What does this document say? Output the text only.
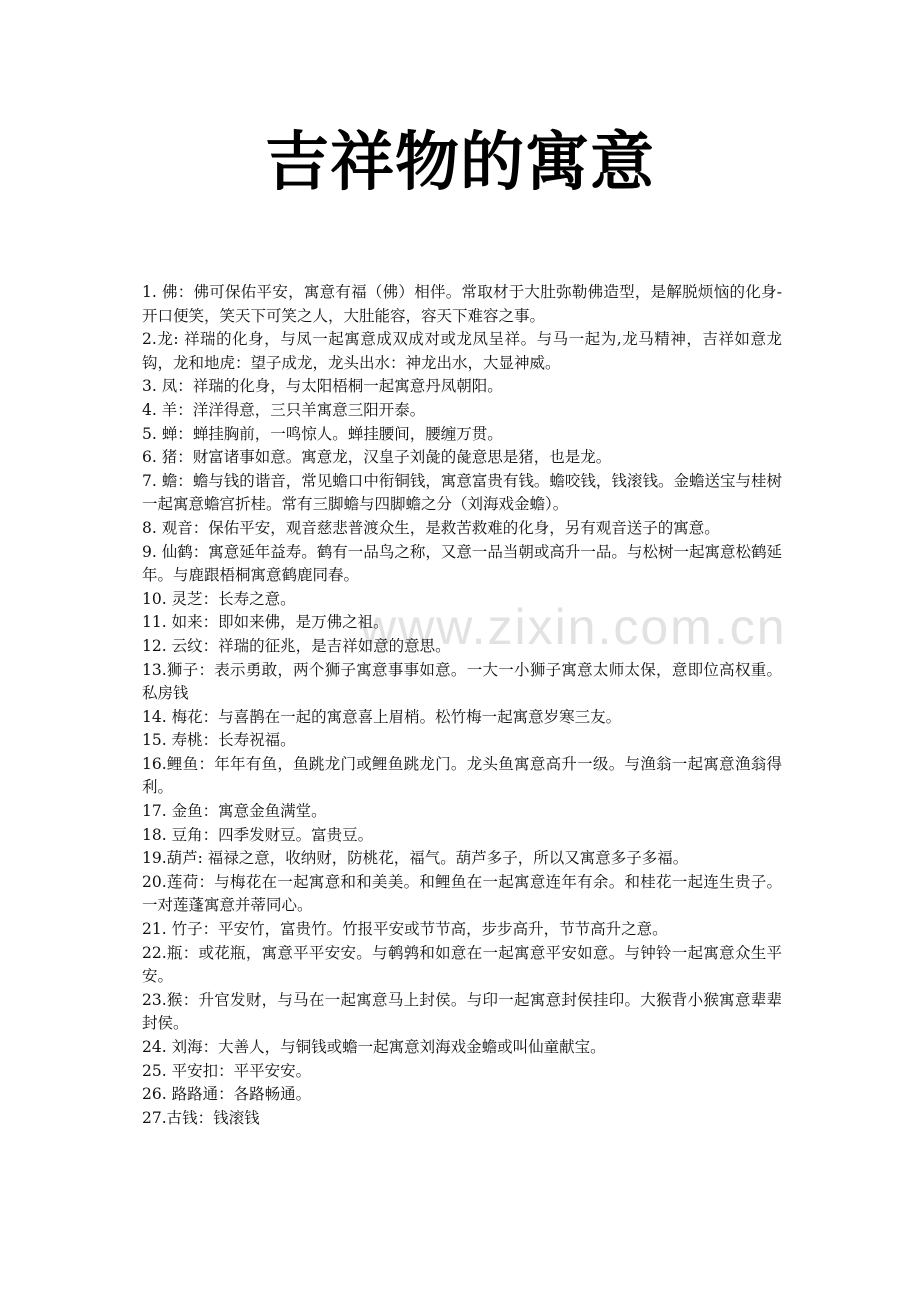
www.zixin.com.cn
吉祥物的寓意

1. 佛：佛可保佑平安，寓意有福（佛）相伴。常取材于大肚弥勒佛造型，是解脱烦恼的化身-开口便笑，笑天下可笑之人，大肚能容，容天下难容之事。

2.龙: 祥瑞的化身，与凤一起寓意成双成对或龙凤呈祥。与马一起为,龙马精神，吉祥如意龙钩，龙和地虎：望子成龙，龙头出水：神龙出水，大显神威。

3. 凤：祥瑞的化身，与太阳梧桐一起寓意丹凤朝阳。

4. 羊：洋洋得意，三只羊寓意三阳开泰。

5. 蝉：蝉挂胸前，一鸣惊人。蝉挂腰间，腰缠万贯。

6. 猪：财富诸事如意。寓意龙，汉皇子刘彘的彘意思是猪，也是龙。

7. 蟾：蟾与钱的谐音，常见蟾口中衔铜钱，寓意富贵有钱。蟾咬钱，钱滚钱。金蟾送宝与桂树一起寓意蟾宫折桂。常有三脚蟾与四脚蟾之分（刘海戏金蟾）。

8. 观音：保佑平安，观音慈悲普渡众生，是救苦救难的化身，另有观音送子的寓意。

9. 仙鹤：寓意延年益寿。鹤有一品鸟之称，又意一品当朝或高升一品。与松树一起寓意松鹤延年。与鹿跟梧桐寓意鹤鹿同春。

10. 灵芝：长寿之意。

11. 如来：即如来佛，是万佛之祖。

12. 云纹：祥瑞的征兆，是吉祥如意的意思。

13.狮子：表示勇敢，两个狮子寓意事事如意。一大一小狮子寓意太师太保，意即位高权重。私房钱

14. 梅花：与喜鹊在一起的寓意喜上眉梢。松竹梅一起寓意岁寒三友。

15. 寿桃：长寿祝福。

16.鲤鱼：年年有鱼，鱼跳龙门或鲤鱼跳龙门。龙头鱼寓意高升一级。与渔翁一起寓意渔翁得利。

17. 金鱼：寓意金鱼满堂。

18. 豆角：四季发财豆。富贵豆。

19.葫芦: 福禄之意，收纳财，防桃花，福气。葫芦多子，所以又寓意多子多福。

20.莲荷：与梅花在一起寓意和和美美。和鲤鱼在一起寓意连年有余。和桂花一起连生贵子。一对莲蓬寓意并蒂同心。

21. 竹子：平安竹，富贵竹。竹报平安或节节高，步步高升，节节高升之意。

22.瓶：或花瓶，寓意平平安安。与鹌鹑和如意在一起寓意平安如意。与钟铃一起寓意众生平安。

23.猴：升官发财，与马在一起寓意马上封侯。与印一起寓意封侯挂印。大猴背小猴寓意辈辈封侯。

24. 刘海：大善人，与铜钱或蟾一起寓意刘海戏金蟾或叫仙童献宝。

25. 平安扣：平平安安。

26. 路路通：各路畅通。

27.古钱：钱滚钱
